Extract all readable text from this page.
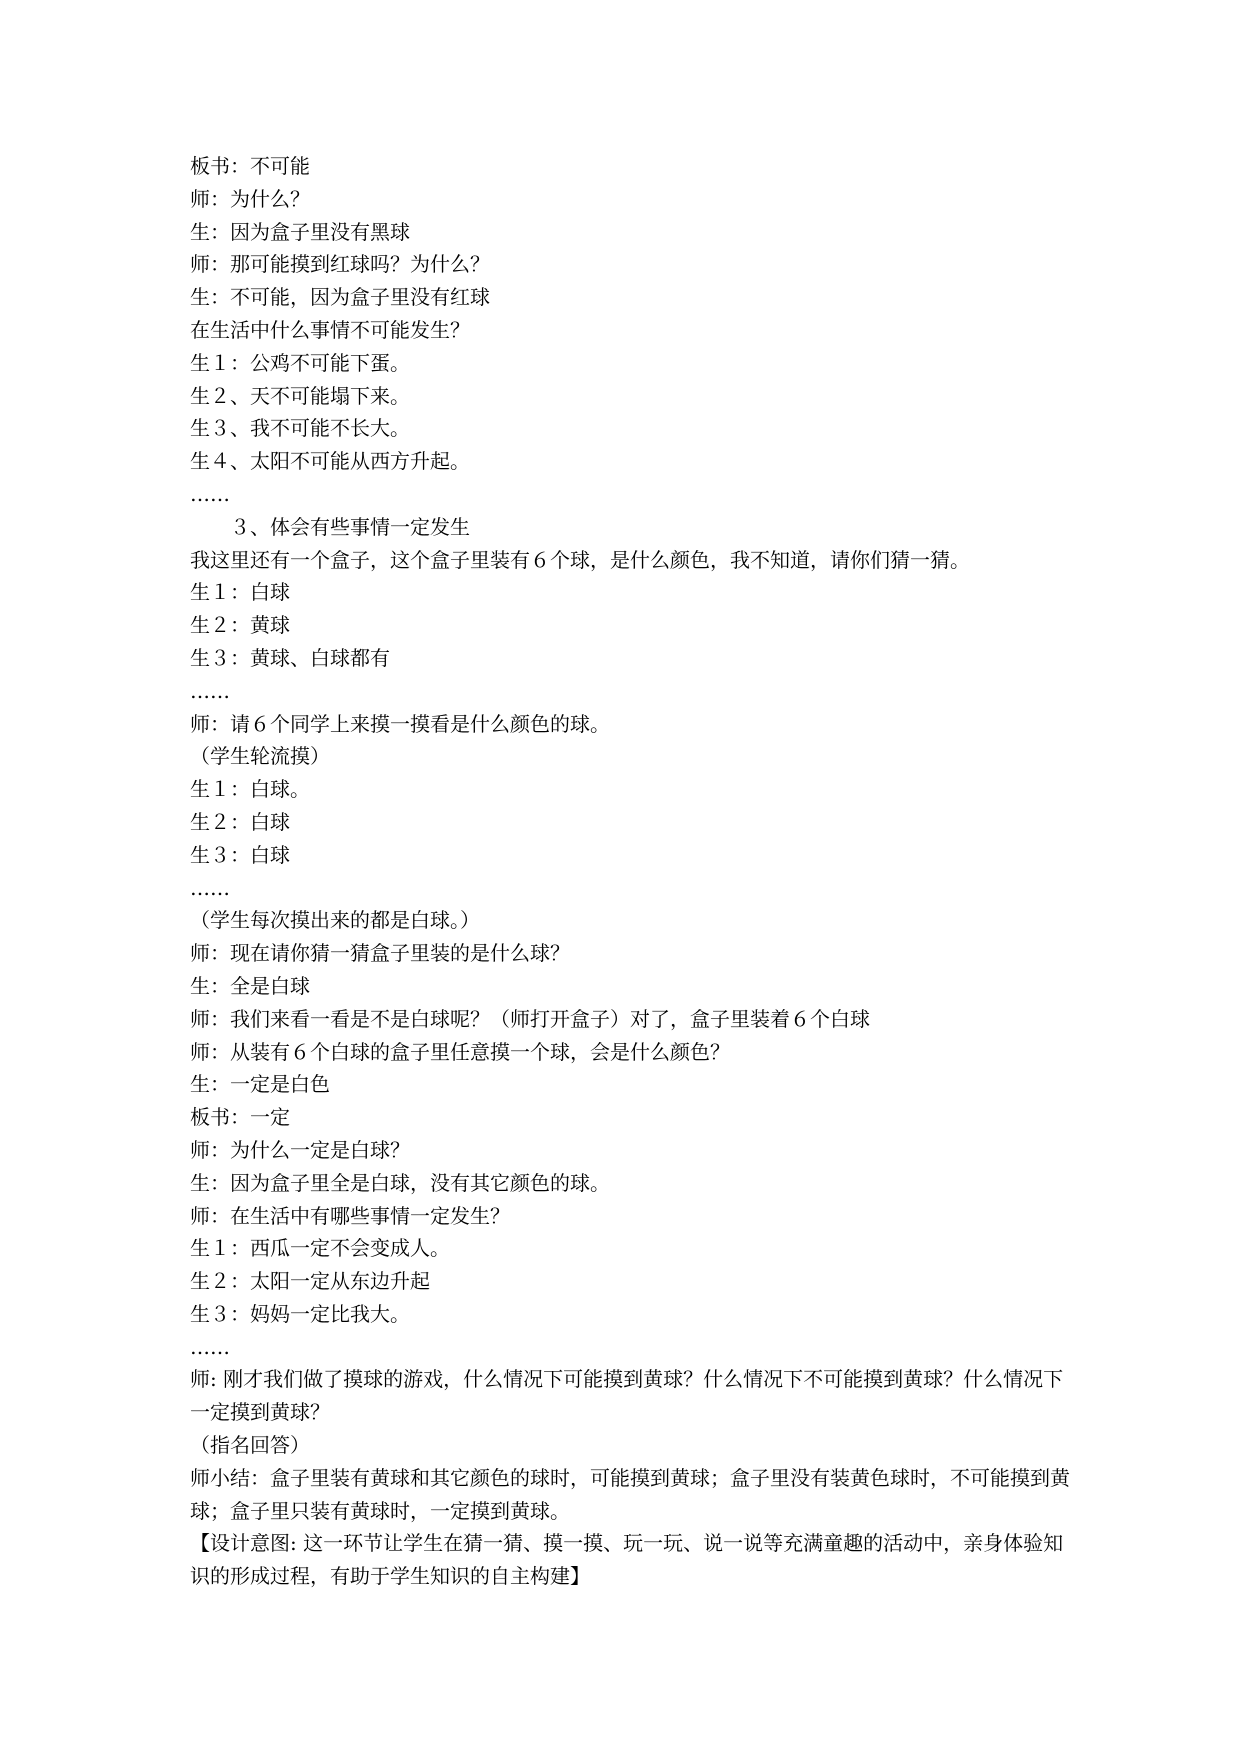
板书：不可能
师：为什么？
生：因为盒子里没有黑球
师：那可能摸到红球吗？为什么？
生：不可能，因为盒子里没有红球
在生活中什么事情不可能发生？
生１：公鸡不可能下蛋。
生２、天不可能塌下来。
生３、我不可能不长大。
生４、太阳不可能从西方升起。
……
３、体会有些事情一定发生
我这里还有一个盒子，这个盒子里装有６个球，是什么颜色，我不知道，请你们猜一猜。
生１：白球
生２：黄球
生３：黄球、白球都有
……
师：请６个同学上来摸一摸看是什么颜色的球。
（学生轮流摸）
生１：白球。
生２：白球
生３：白球
……
（学生每次摸出来的都是白球。）
师：现在请你猜一猜盒子里装的是什么球？
生：全是白球
师：我们来看一看是不是白球呢？（师打开盒子）对了，盒子里装着６个白球
师：从装有６个白球的盒子里任意摸一个球，会是什么颜色？
生：一定是白色
板书：一定
师：为什么一定是白球？
生：因为盒子里全是白球，没有其它颜色的球。
师：在生活中有哪些事情一定发生？
生１：西瓜一定不会变成人。
生２：太阳一定从东边升起
生３：妈妈一定比我大。
……
师: 刚才我们做了摸球的游戏，什么情况下可能摸到黄球？什么情况下不可能摸到黄球？什么情况下一定摸到黄球？
（指名回答）
师小结：盒子里装有黄球和其它颜色的球时，可能摸到黄球；盒子里没有装黄色球时，不可能摸到黄球；盒子里只装有黄球时，一定摸到黄球。
【设计意图: 这一环节让学生在猜一猜、摸一摸、玩一玩、说一说等充满童趣的活动中，亲身体验知识的形成过程，有助于学生知识的自主构建】
